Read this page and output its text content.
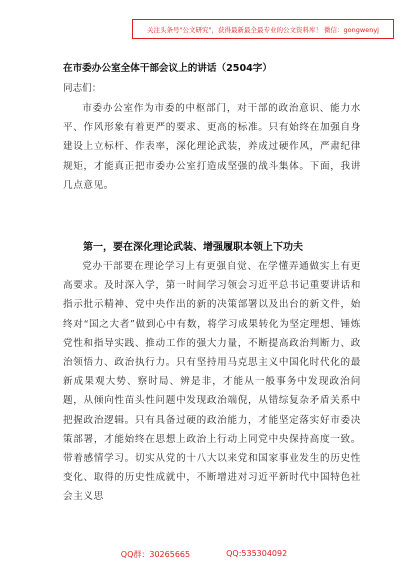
关注头条号"公文研究"，获得最新最全最专业的公文资料库！ 微信：gongwenyj
在市委办公室全体干部会议上的讲话（2504字）
同志们：

市委办公室作为市委的中枢部门，对干部的政治意识、能力水平、作风形象有着更严的要求、更高的标准。只有始终在加强自身建设上立标杆、作表率，深化理论武装，养成过硬作风，严肃纪律规矩，才能真正把市委办公室打造成坚强的战斗集体。下面，我讲几点意见。

第一，要在深化理论武装、增强履职本领上下功夫

党办干部要在理论学习上有更强自觉、在学懂弄通做实上有更高要求。及时深入学，第一时间学习领会习近平总书记重要讲话和指示批示精神、党中央作出的新的决策部署以及出台的新文件，始终对“国之大者”做到心中有数，将学习成果转化为坚定理想、锤炼党性和指导实践、推动工作的强大力量，不断提高政治判断力、政治领悟力、政治执行力。只有坚持用马克思主义中国化时代化的最新成果观大势、察时局、辨是非，才能从一般事务中发现政治问题，从倾向性苗头性问题中发现政治端倪，从错综复杂矛盾关系中把握政治逻辑。只有具备过硬的政治能力，才能坚定落实好市委决策部署，才能始终在思想上政治上行动上同党中央保持高度一致。带着感情学习。切实从党的十八大以来党和国家事业发生的历史性变化、取得的历史性成就中，不断增进对习近平新时代中国特色社会主义思

QQ群：30265665	QQ:535304092
